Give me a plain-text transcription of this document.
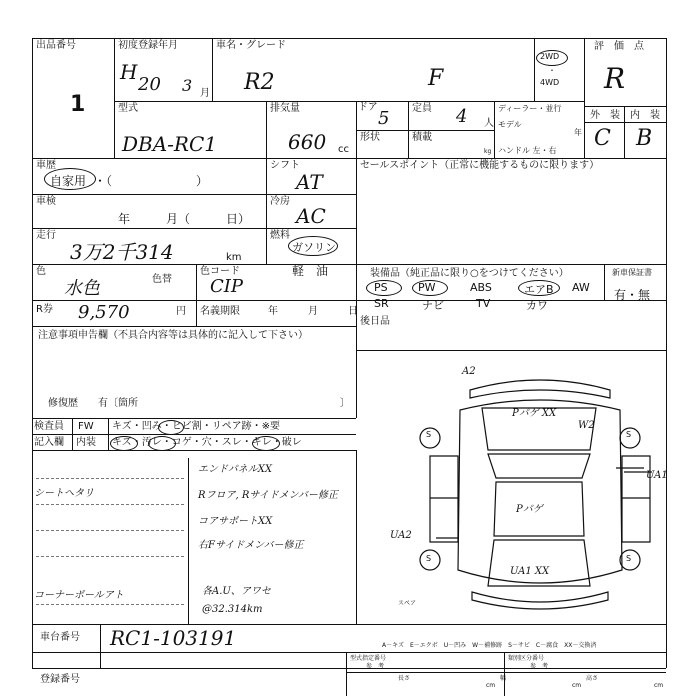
出品番号
1
初度登録年月
H
20 3 月
車名・グレード
R2	F
2WD
・
4WD
評　価　点
R
型式
DBA-RC1
排気量
660 cc
ドア
5 定員 4 人
ディーラー・並行
モデル
年
形状	積載
kg ハンドル 左・右
外　装 内　装
C B
車歴
自家用 ・（　　　　　　　）
シフト
AT
セールスポイント（正常に機能するものに限ります）
車検
年　　　月（　　　日）
冷房
AC
走行
3万2千314	km
燃料
ガソリン
軽　油
色
水色	色替
色コード
CIP
装備品（純正品に限り○をつけてください）
PS	PW	ABS	エアB AW
SR	ナビ	TV	カワ
新車保証書
有・無
R券 9,570	円 名義期限	年　　　月　　　日
後日品
注意事項申告欄（不具合内容等は具体的に記入して下さい）
修復歴　　有〔箇所	〕
検査員
記入欄
FW
内装
キズ・凹み・ヒビ割・リペア跡・※要
キズ・汚レ・コゲ・穴・スレ・キレ・破レ
シートヘタリ
エンドパネルXX
Rフロア, Rサイドメンバー修正
コアサポートXX
右Fサイドメンバー修正
コーナーポールアト	各A.U、アワセ
@32.314km
A2
Pパゲ XX
W2
UA1
Pパゲ
UA2
UA1 XX
S	S
S	S
スペア
車台番号 RC1-103191
登録番号
A－キズ　E－エクボ　U－凹み　W－補修跡　S－サビ　C－腐食　XX－交換済
型式指定番号	類別区分番号
参　考	参　考
長さ
cm
幅
cm
高さ
cm
